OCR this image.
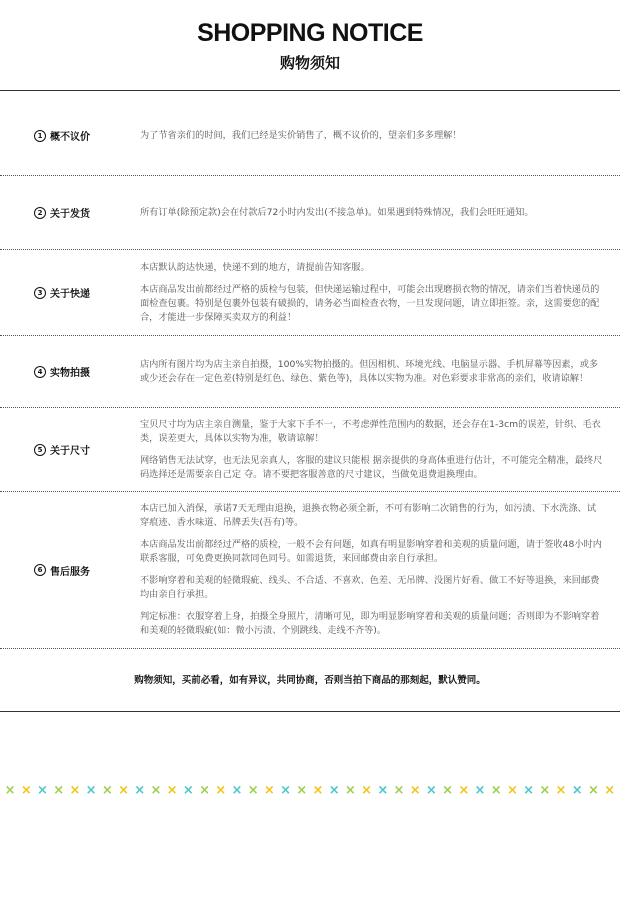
SHOPPING NOTICE
购物须知
1 概不议价	为了节省亲们的时间，我们已经是实价销售了，概不议价的，望亲们多多理解！

2 关于发货	所有订单(除预定款)会在付款后72小时内发出(不接急单)。如果遇到特殊情况，我们会旺旺通知。

3 关于快递

本店默认韵达快递，快递不到的地方，请提前告知客服。

本店商品发出前都经过严格的质检与包装，但快递运输过程中，可能会出现磨损衣物的情况，请亲们当着快递员的面检查包裹。特别是包裹外包装有破损的，请务必当面检查衣物，一旦发现问题，请立即拒签。亲，这需要您的配合，才能进一步保障买卖双方的利益！

4 实物拍摄

店内所有图片均为店主亲自拍摄，100%实物拍摄的。但因相机、环境光线、电脑显示器、手机屏幕等因素，或多或少还会存在一定色差(特别是红色、绿色、紫色等)，具体以实物为准。对色彩要求非常高的亲们，收请谅解！

5 关于尺寸

宝贝尺寸均为店主亲自测量，鉴于大家下手不一，不考虑弹性范围内的数据，还会存在1-3cm的误差，针织、毛衣类，误差更大，具体以实物为准，敬请谅解！

网络销售无法试穿，也无法见亲真人，客服的建议只能根 据亲提供的身高体重进行估计，不可能完全精准，最终尺码选择还是需要亲自己定 夺。请不要把客服善意的尺寸建议，当做免退费退换理由。

6 售后服务

本店已加入消保，承诺7天无理由退换，退换衣物必须全新，不可有影响二次销售的行为，如污渍、下水洗涤、试穿痕迹、香水味道、吊牌丢失(吾有)等。

本店商品发出前都经过严格的质检，一般不会有问题，如真有明显影响穿着和美观的质量问题，请于签收48小时内联系客服，可免费更换同款同色同号。如需退货，来回邮费由亲自行承担。

不影响穿着和美观的轻微瑕疵、线头、不合适、不喜欢、色差、无吊牌、没图片好看、做工不好等退换，来回邮费均由亲自行承担。

判定标准：衣服穿着上身，拍摄全身照片，清晰可见，即为明显影响穿着和美观的质量问题；否则即为不影响穿着和美观的轻微瑕疵(如：微小污渍、个别跳线、走线不齐等)。

购物须知，买前必看，如有异议，共同协商，否则当拍下商品的那刻起，默认赞同。
× × × × × × × × × × × × × × × × × × × × × × × × × × × × × × × × × × × × × ×
